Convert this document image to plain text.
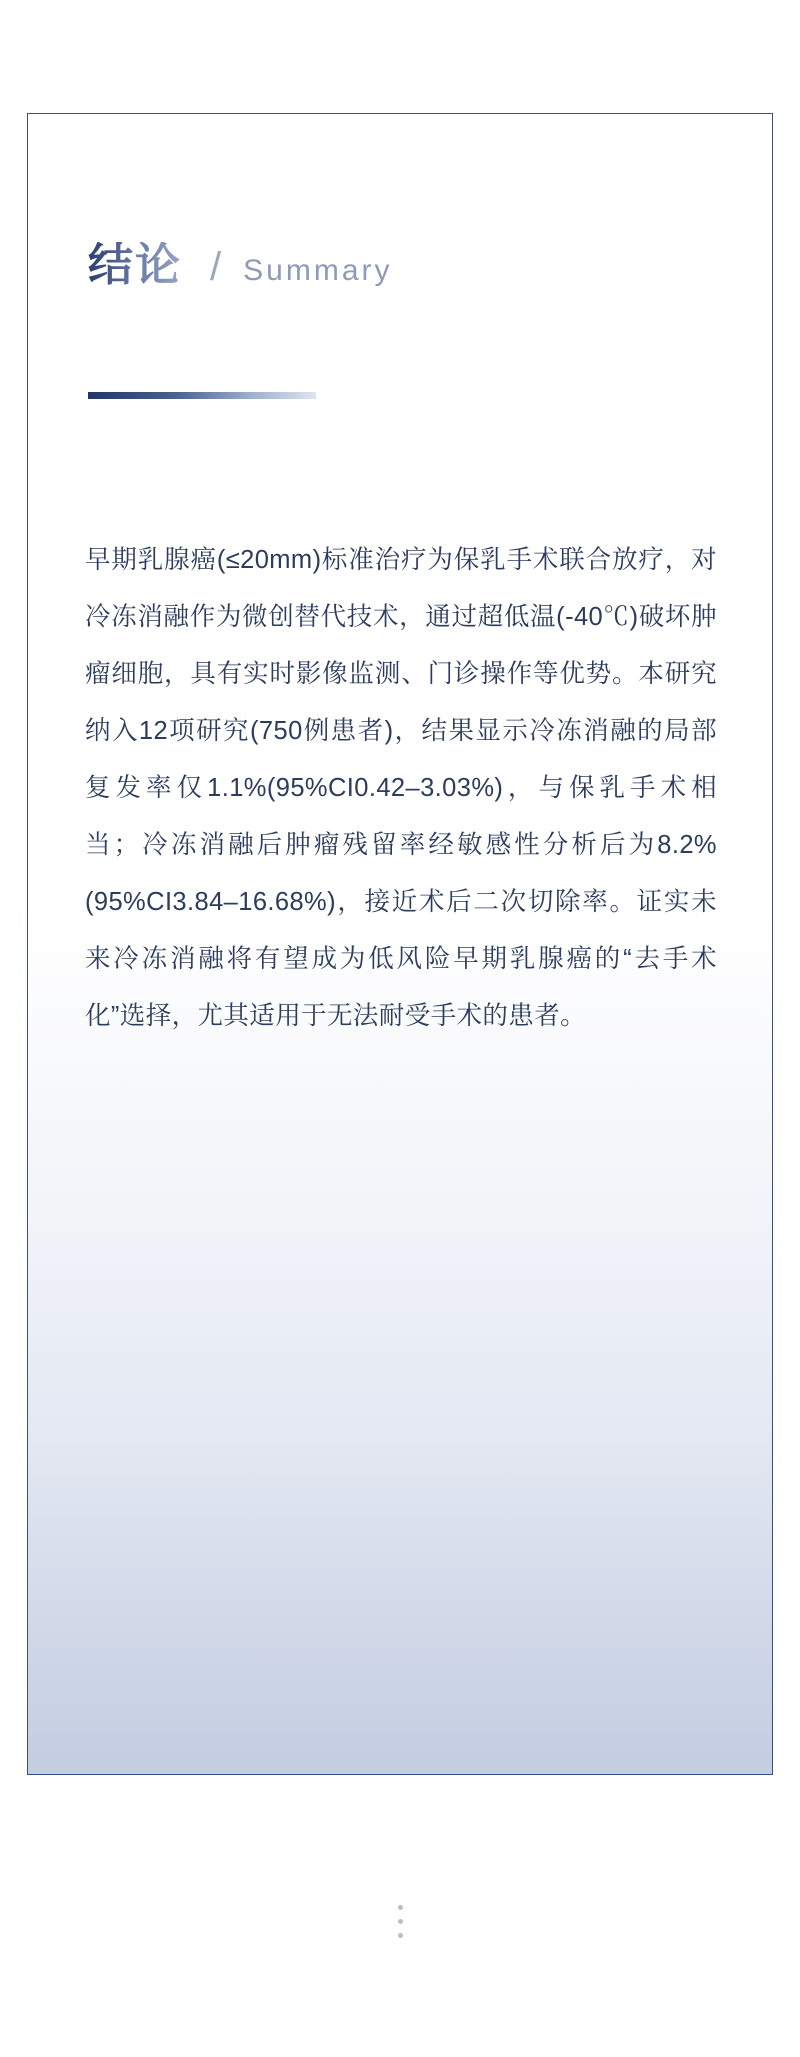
结论 / Summary

早期乳腺癌(≤20mm)标准治疗为保乳手术联合放疗，对冷冻消融作为微创替代技术，通过超低温(-40℃)破坏肿瘤细胞，具有实时影像监测、门诊操作等优势。本研究纳入12项研究(750例患者)，结果显示冷冻消融的局部复发率仅1.1%(95%CI0.42–3.03%)，与保乳手术相当；冷冻消融后肿瘤残留率经敏感性分析后为8.2%(95%CI3.84–16.68%)，接近术后二次切除率。证实未来冷冻消融将有望成为低风险早期乳腺癌的“去手术化”选择，尤其适用于无法耐受手术的患者。
